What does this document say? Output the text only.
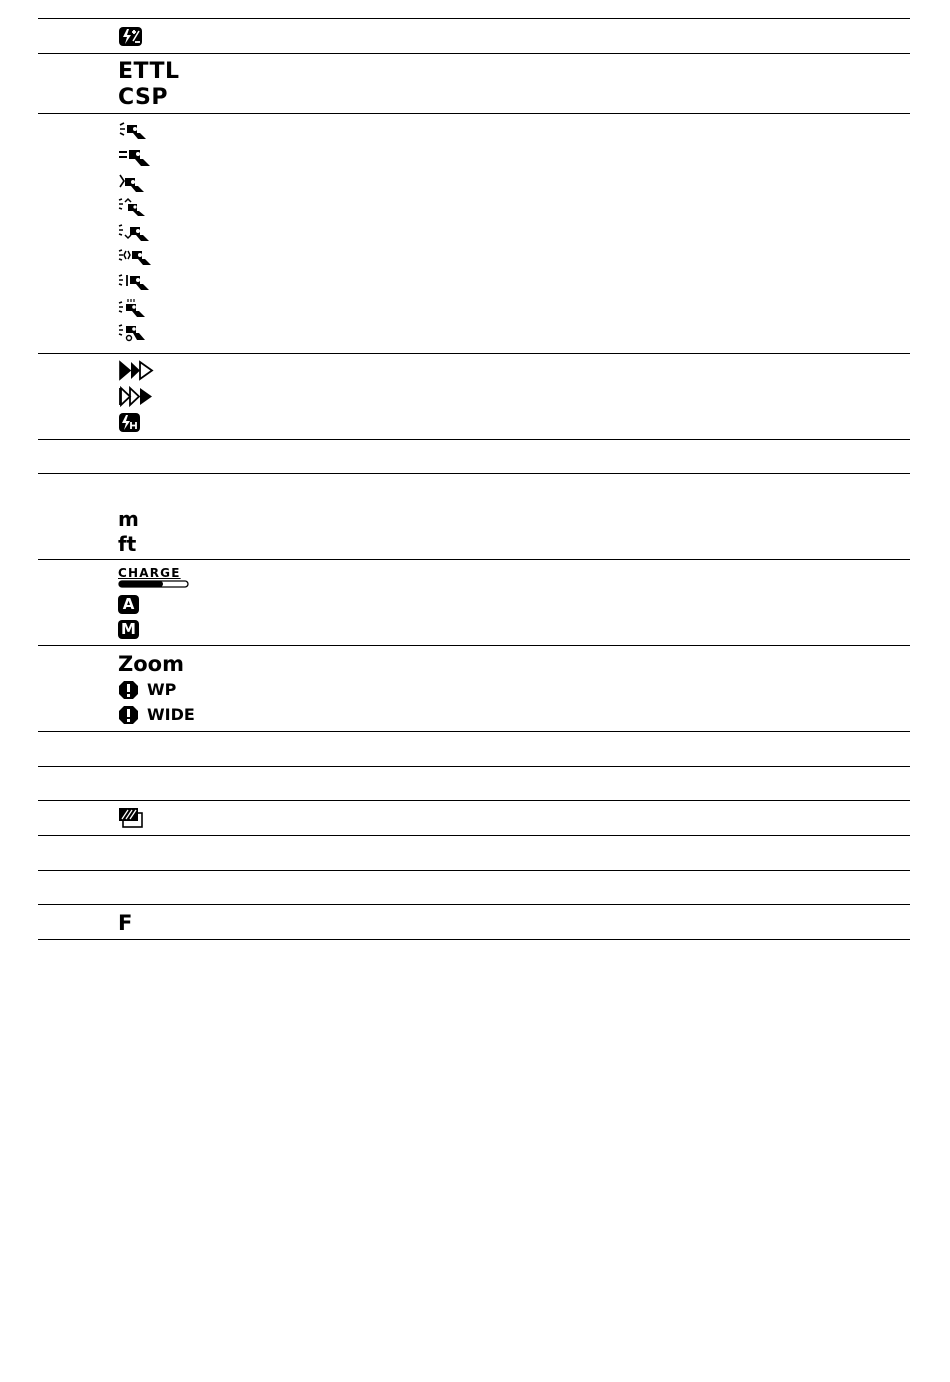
ETTL
CSP
m
ft
CHARGE
A
M
Zoom
WP
WIDE
F
